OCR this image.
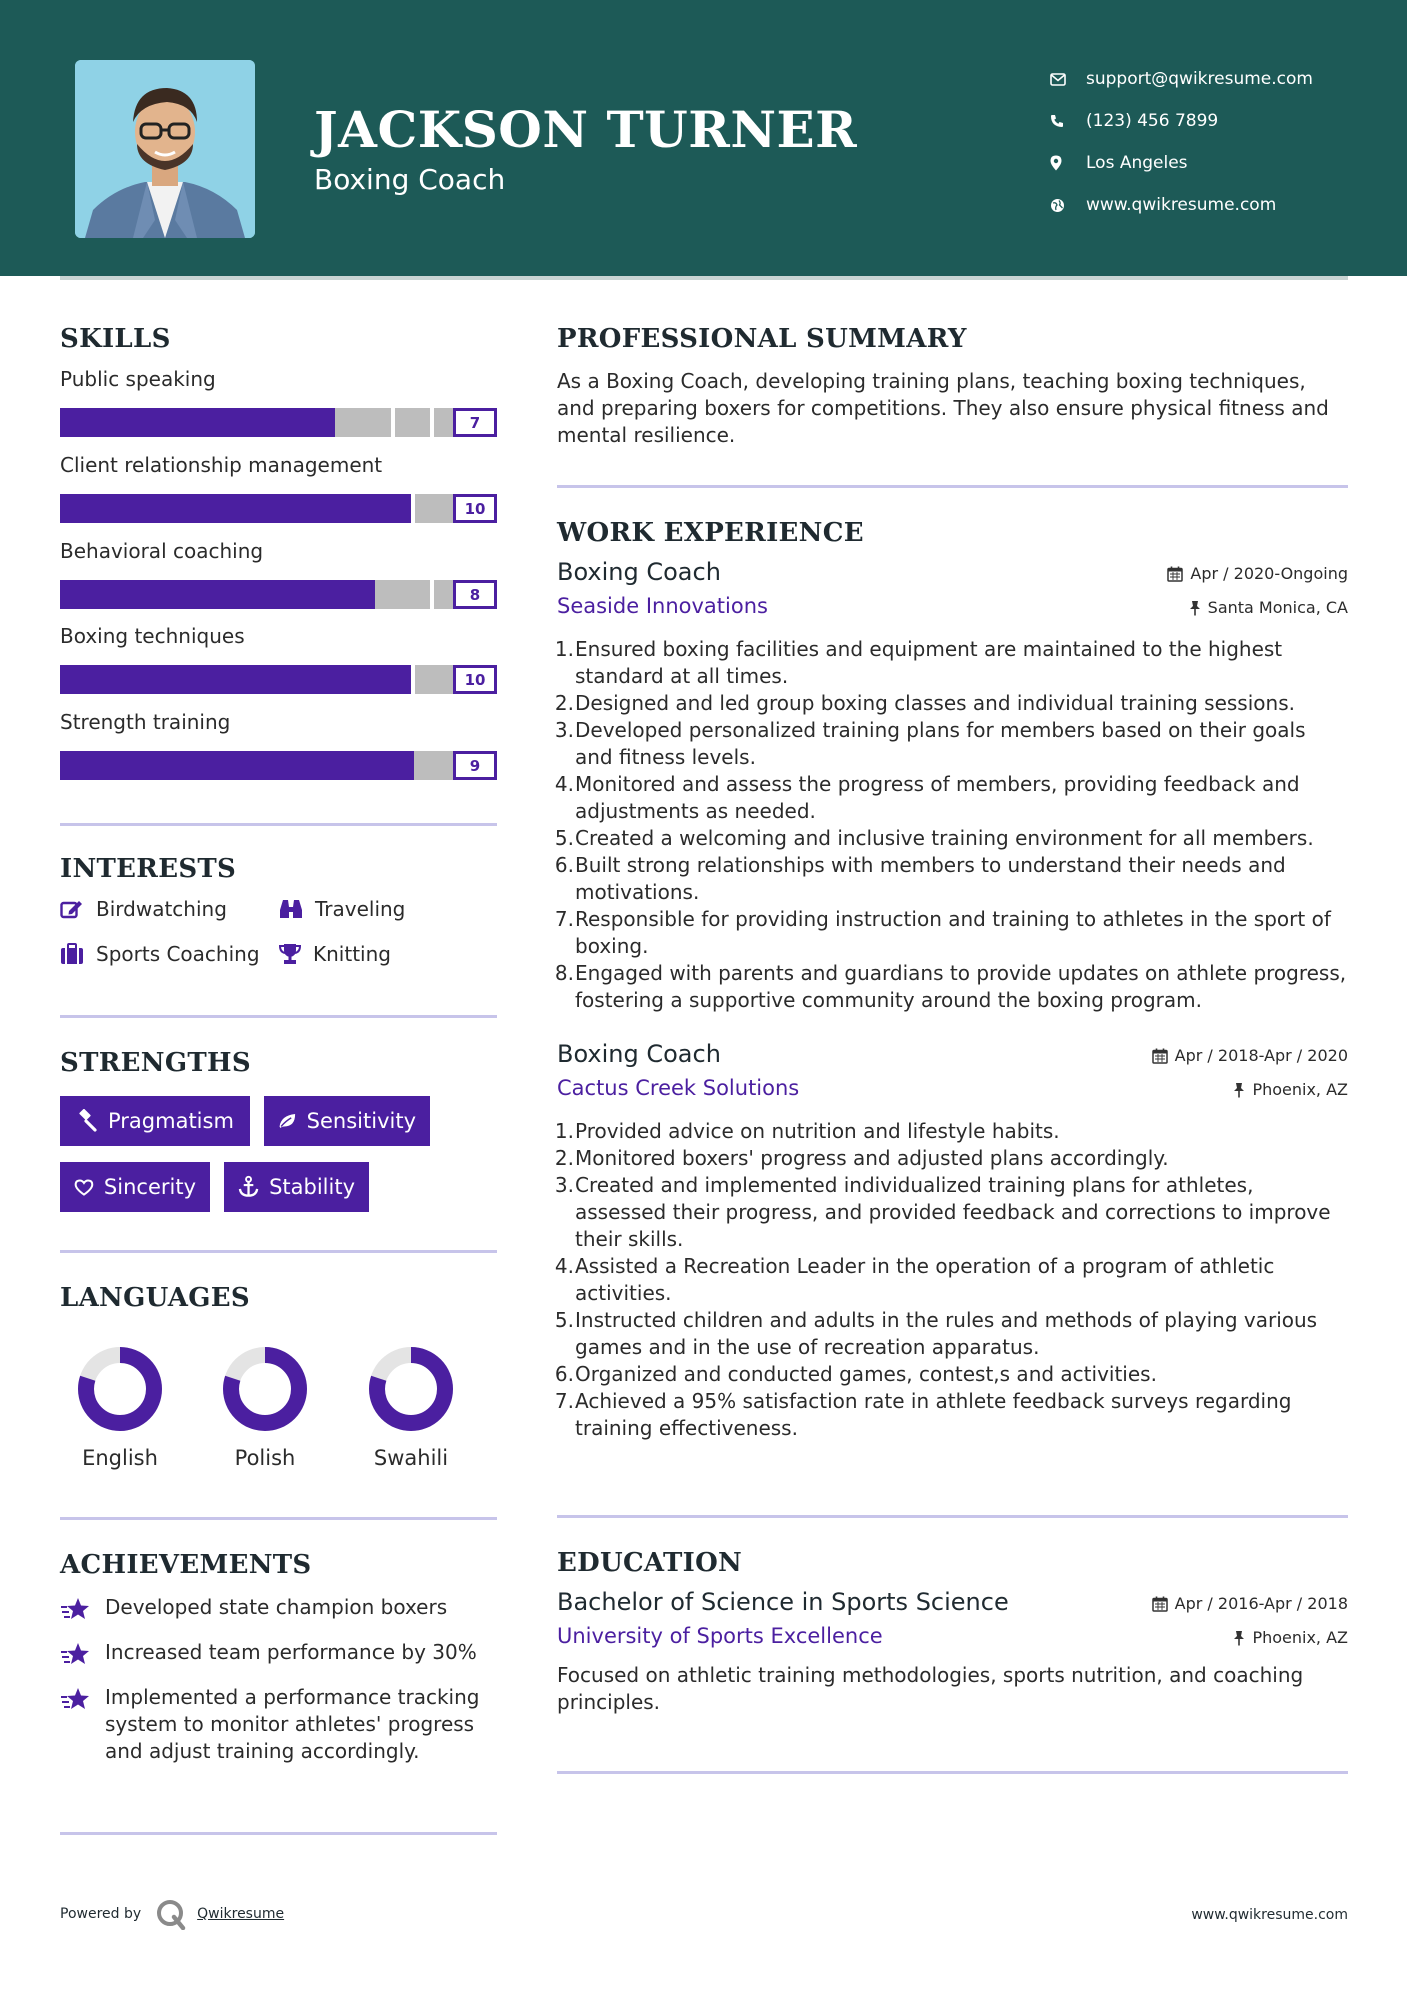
JACKSON TURNER
Boxing Coach
support@qwikresume.com
(123) 456 7899
Los Angeles
www.qwikresume.com
SKILLS
Public speaking
7
Client relationship management
10
Behavioral coaching
8
Boxing techniques
10
Strength training
9
INTERESTS
Birdwatching	Traveling
Sports Coaching	Knitting
STRENGTHS
Pragmatism	Sensitivity
Sincerity	Stability
LANGUAGES
English	Polish	Swahili
ACHIEVEMENTS
Developed state champion boxers
Increased team performance by 30%
Implemented a performance tracking system to monitor athletes' progress and adjust training accordingly.
PROFESSIONAL SUMMARY
As a Boxing Coach, developing training plans, teaching boxing techniques, and preparing boxers for competitions. They also ensure physical fitness and mental resilience.
WORK EXPERIENCE
Boxing Coach	Apr / 2020-Ongoing
Seaside Innovations	Santa Monica, CA
1. Ensured boxing facilities and equipment are maintained to the highest standard at all times.
2. Designed and led group boxing classes and individual training sessions.
3. Developed personalized training plans for members based on their goals and fitness levels.
4. Monitored and assess the progress of members, providing feedback and adjustments as needed.
5. Created a welcoming and inclusive training environment for all members.
6. Built strong relationships with members to understand their needs and motivations.
7. Responsible for providing instruction and training to athletes in the sport of boxing.
8. Engaged with parents and guardians to provide updates on athlete progress, fostering a supportive community around the boxing program.
Boxing Coach	Apr / 2018-Apr / 2020
Cactus Creek Solutions	Phoenix, AZ
1. Provided advice on nutrition and lifestyle habits.
2. Monitored boxers' progress and adjusted plans accordingly.
3. Created and implemented individualized training plans for athletes, assessed their progress, and provided feedback and corrections to improve their skills.
4. Assisted a Recreation Leader in the operation of a program of athletic activities.
5. Instructed children and adults in the rules and methods of playing various games and in the use of recreation apparatus.
6. Organized and conducted games, contest,s and activities.
7. Achieved a 95% satisfaction rate in athlete feedback surveys regarding training effectiveness.
EDUCATION
Bachelor of Science in Sports Science	Apr / 2016-Apr / 2018
University of Sports Excellence	Phoenix, AZ
Focused on athletic training methodologies, sports nutrition, and coaching principles.
Powered by	Qwikresume	www.qwikresume.com
